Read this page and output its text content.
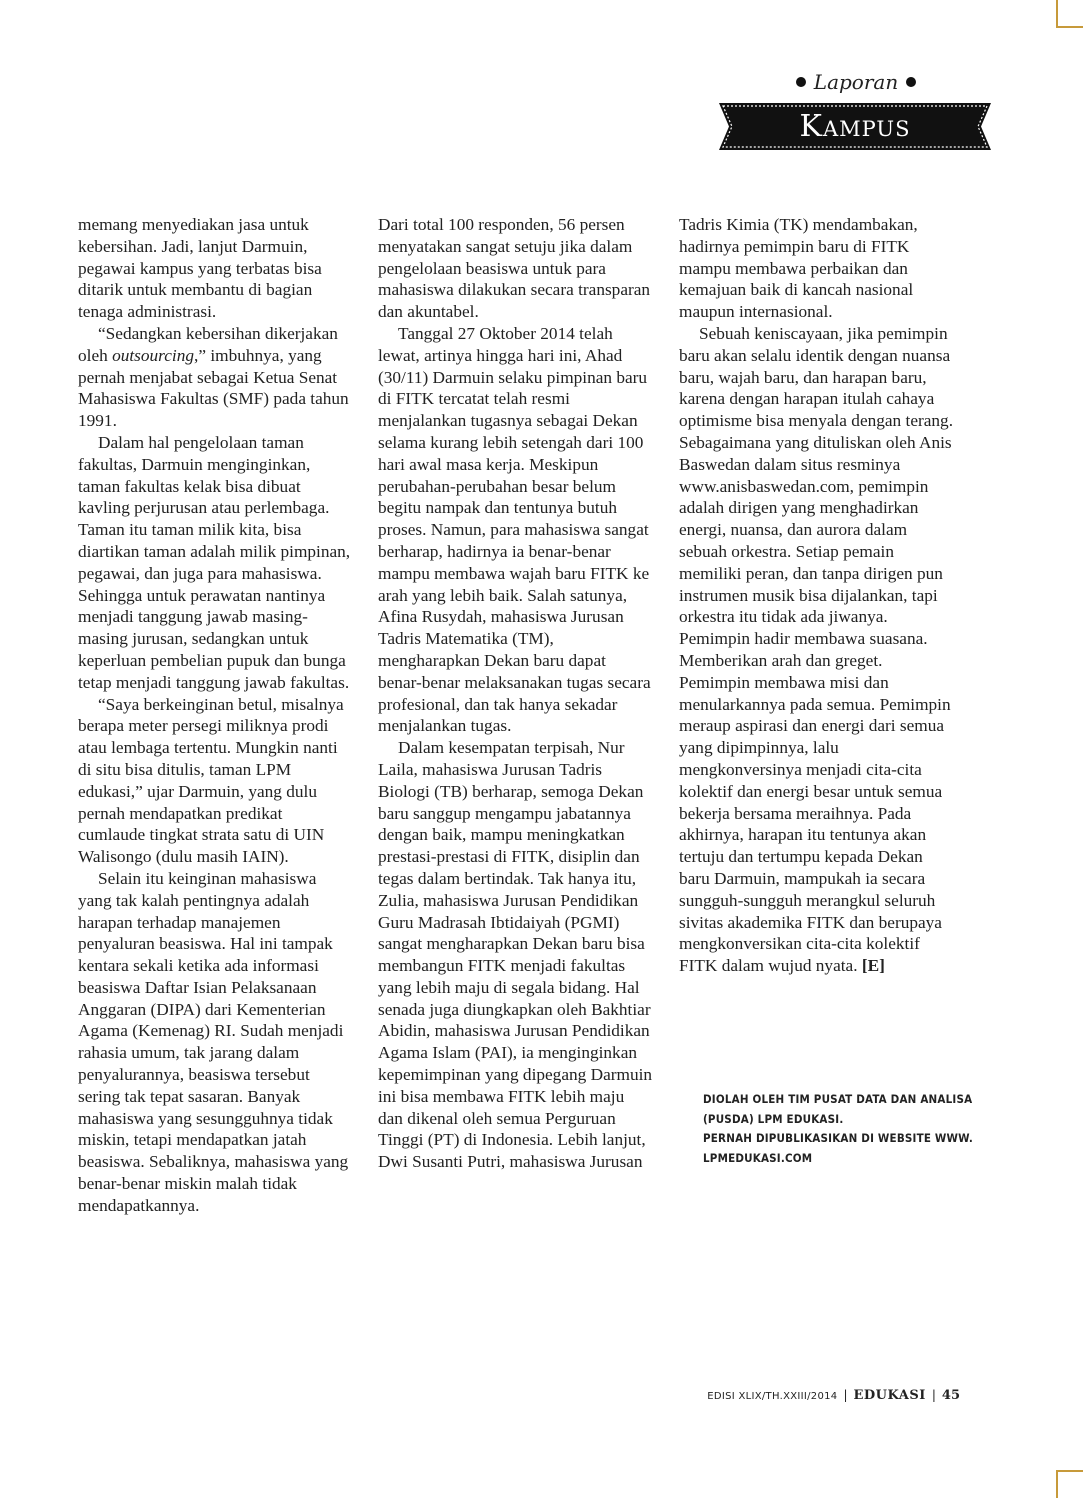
Laporan
Kampus

memang menyediakan jasa untuk kebersihan. Jadi, lanjut Darmuin, pegawai kampus yang terbatas bisa ditarik untuk membantu di bagian tenaga administrasi.

“Sedangkan kebersihan dikerjakan oleh outsourcing,” imbuhnya, yang pernah menjabat sebagai Ketua Senat Mahasiswa Fakultas (SMF) pada tahun 1991.

Dalam hal pengelolaan taman fakultas, Darmuin menginginkan, taman fakultas kelak bisa dibuat kavling perjurusan atau perlembaga. Taman itu taman milik kita, bisa diartikan taman adalah milik pimpinan, pegawai, dan juga para mahasiswa. Sehingga untuk perawatan nantinya menjadi tanggung jawab masing-masing jurusan, sedangkan untuk keperluan pembelian pupuk dan bunga tetap menjadi tanggung jawab fakultas.

“Saya berkeinginan betul, misalnya berapa meter persegi miliknya prodi atau lembaga tertentu. Mungkin nanti di situ bisa ditulis, taman LPM edukasi,” ujar Darmuin, yang dulu pernah mendapatkan predikat cumlaude tingkat strata satu di UIN Walisongo (dulu masih IAIN).

Selain itu keinginan mahasiswa yang tak kalah pentingnya adalah harapan terhadap manajemen penyaluran beasiswa. Hal ini tampak kentara sekali ketika ada informasi beasiswa Daftar Isian Pelaksanaan Anggaran (DIPA) dari Kementerian Agama (Kemenag) RI. Sudah menjadi rahasia umum, tak jarang dalam penyalurannya, beasiswa tersebut sering tak tepat sasaran. Banyak mahasiswa yang sesungguhnya tidak miskin, tetapi mendapatkan jatah beasiswa. Sebaliknya, mahasiswa yang benar-benar miskin malah tidak mendapatkannya.

Dari total 100 responden, 56 persen menyatakan sangat setuju jika dalam pengelolaan beasiswa untuk para mahasiswa dilakukan secara transparan dan akuntabel.

Tanggal 27 Oktober 2014 telah lewat, artinya hingga hari ini, Ahad (30/11) Darmuin selaku pimpinan baru di FITK tercatat telah resmi menjalankan tugasnya sebagai Dekan selama kurang lebih setengah dari 100 hari awal masa kerja. Meskipun perubahan-perubahan besar belum begitu nampak dan tentunya butuh proses. Namun, para mahasiswa sangat berharap, hadirnya ia benar-benar mampu membawa wajah baru FITK ke arah yang lebih baik. Salah satunya, Afina Rusydah, mahasiswa Jurusan Tadris Matematika (TM), mengharapkan Dekan baru dapat benar-benar melaksanakan tugas secara profesional, dan tak hanya sekadar menjalankan tugas.

Dalam kesempatan terpisah, Nur Laila, mahasiswa Jurusan Tadris Biologi (TB) berharap, semoga Dekan baru sanggup mengampu jabatannya dengan baik, mampu meningkatkan prestasi-prestasi di FITK, disiplin dan tegas dalam bertindak. Tak hanya itu, Zulia, mahasiswa Jurusan Pendidikan Guru Madrasah Ibtidaiyah (PGMI) sangat mengharapkan Dekan baru bisa membangun FITK menjadi fakultas yang lebih maju di segala bidang. Hal senada juga diungkapkan oleh Bakhtiar Abidin, mahasiswa Jurusan Pendidikan Agama Islam (PAI), ia menginginkan kepemimpinan yang dipegang Darmuin ini bisa membawa FITK lebih maju dan dikenal oleh semua Perguruan Tinggi (PT) di Indonesia. Lebih lanjut, Dwi Susanti Putri, mahasiswa Jurusan

Tadris Kimia (TK) mendambakan, hadirnya pemimpin baru di FITK mampu membawa perbaikan dan kemajuan baik di kancah nasional maupun internasional.

Sebuah keniscayaan, jika pemimpin baru akan selalu identik dengan nuansa baru, wajah baru, dan harapan baru, karena dengan harapan itulah cahaya optimisme bisa menyala dengan terang. Sebagaimana yang dituliskan oleh Anis Baswedan dalam situs resminya www.anisbaswedan.com, pemimpin adalah dirigen yang menghadirkan energi, nuansa, dan aurora dalam sebuah orkestra. Setiap pemain memiliki peran, dan tanpa dirigen pun instrumen musik bisa dijalankan, tapi orkestra itu tidak ada jiwanya. Pemimpin hadir membawa suasana. Memberikan arah dan greget. Pemimpin membawa misi dan menularkannya pada semua. Pemimpin meraup aspirasi dan energi dari semua yang dipimpinnya, lalu mengkonversinya menjadi cita-cita kolektif dan energi besar untuk semua bekerja bersama meraihnya. Pada akhirnya, harapan itu tentunya akan tertuju dan tertumpu kepada Dekan baru Darmuin, mampukah ia secara sungguh-sungguh merangkul seluruh sivitas akademika FITK dan berupaya mengkonversikan cita-cita kolektif FITK dalam wujud nyata. [E]

DIOLAH OLEH TIM PUSAT DATA DAN ANALISA
(PUSDA) LPM EDUKASI.
PERNAH DIPUBLIKASIKAN DI WEBSITE WWW.
LPMEDUKASI.COM
EDISI XLIX/TH.XXIII/2014 | EDUKASI | 45
